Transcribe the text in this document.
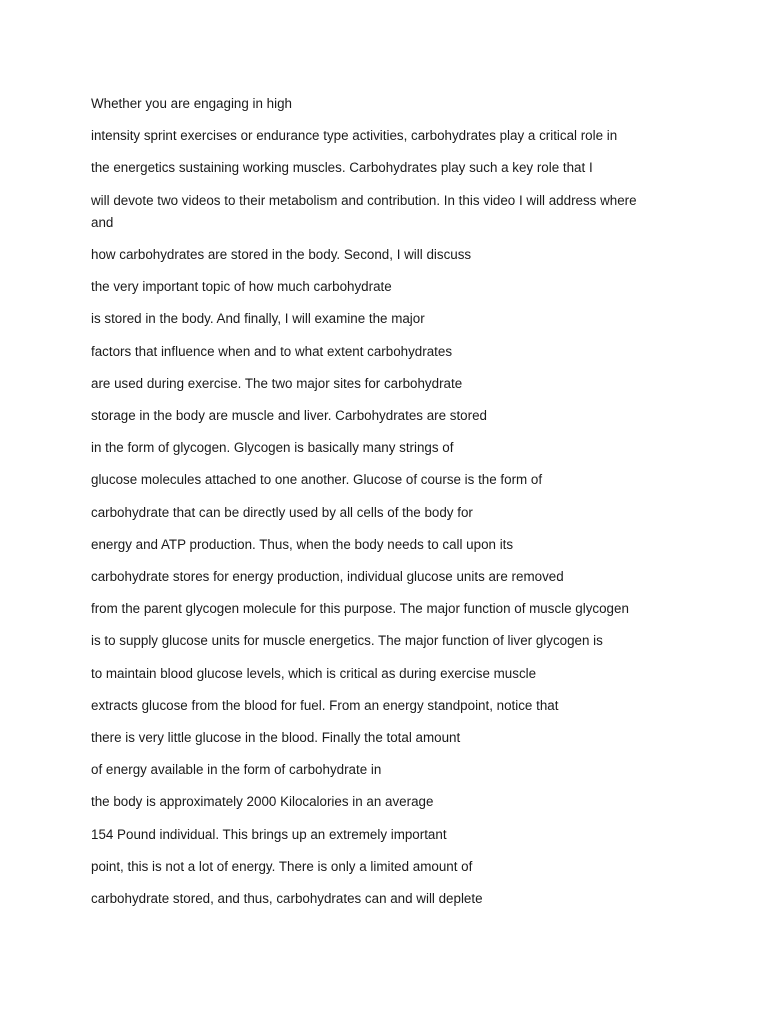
Whether you are engaging in high

intensity sprint exercises or endurance type activities, carbohydrates play a critical role in

the energetics sustaining working muscles. Carbohydrates play such a key role that I

will devote two videos to their metabolism and contribution. In this video I will address where

and

how carbohydrates are stored in the body. Second, I will discuss

the very important topic of how much carbohydrate

is stored in the body. And finally, I will examine the major

factors that influence when and to what extent carbohydrates

are used during exercise. The two major sites for carbohydrate

storage in the body are muscle and liver. Carbohydrates are stored

in the form of glycogen. Glycogen is basically many strings of

glucose molecules attached to one another. Glucose of course is the form of

carbohydrate that can be directly used by all cells of the body for

energy and ATP production. Thus, when the body needs to call upon its

carbohydrate stores for energy production, individual glucose units are removed

from the parent glycogen molecule for this purpose. The major function of muscle glycogen

is to supply glucose units for muscle energetics. The major function of liver glycogen is

to maintain blood glucose levels, which is critical as during exercise muscle

extracts glucose from the blood for fuel. From an energy standpoint, notice that

there is very little glucose in the blood. Finally the total amount

of energy available in the form of carbohydrate in

the body is approximately 2000 Kilocalories in an average

154 Pound individual. This brings up an extremely important

point, this is not a lot of energy. There is only a limited amount of

carbohydrate stored, and thus, carbohydrates can and will deplete
